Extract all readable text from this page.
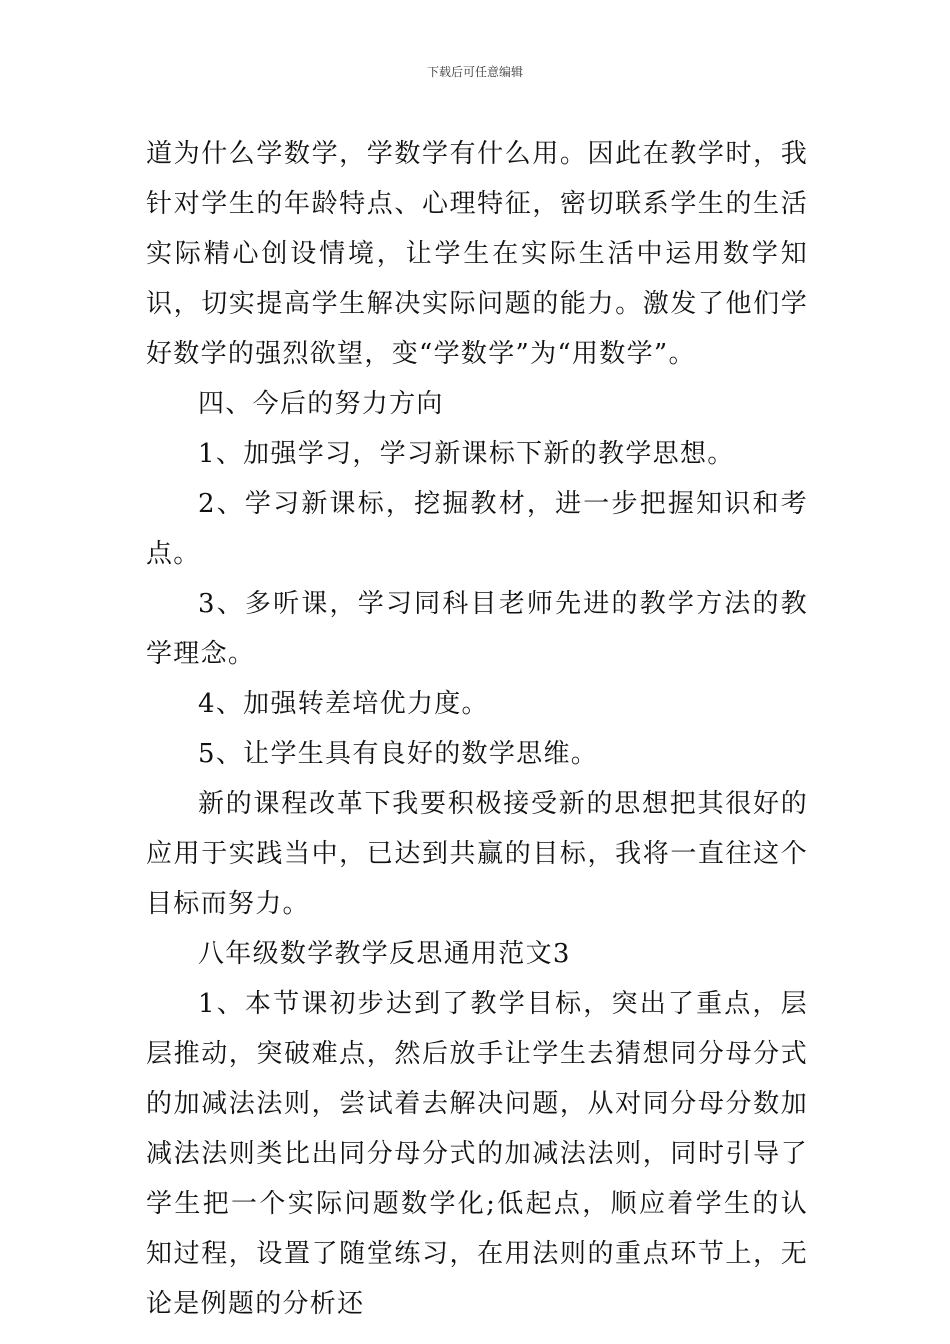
下载后可任意编辑

道为什么学数学，学数学有什么用。因此在教学时，我针对学生的年龄特点、心理特征，密切联系学生的生活实际精心创设情境，让学生在实际生活中运用数学知识，切实提高学生解决实际问题的能力。激发了他们学好数学的强烈欲望，变“学数学”为“用数学”。

四、今后的努力方向

1、加强学习，学习新课标下新的教学思想。

2、学习新课标，挖掘教材，进一步把握知识和考点。

3、多听课，学习同科目老师先进的教学方法的教学理念。

4、加强转差培优力度。

5、让学生具有良好的数学思维。

新的课程改革下我要积极接受新的思想把其很好的应用于实践当中，已达到共赢的目标，我将一直往这个目标而努力。

八年级数学教学反思通用范文3

1、本节课初步达到了教学目标，突出了重点，层层推动，突破难点，然后放手让学生去猜想同分母分式的加减法法则，尝试着去解决问题，从对同分母分数加减法法则类比出同分母分式的加减法法则，同时引导了学生把一个实际问题数学化;低起点，顺应着学生的认知过程，设置了随堂练习，在用法则的重点环节上，无论是例题的分析还
